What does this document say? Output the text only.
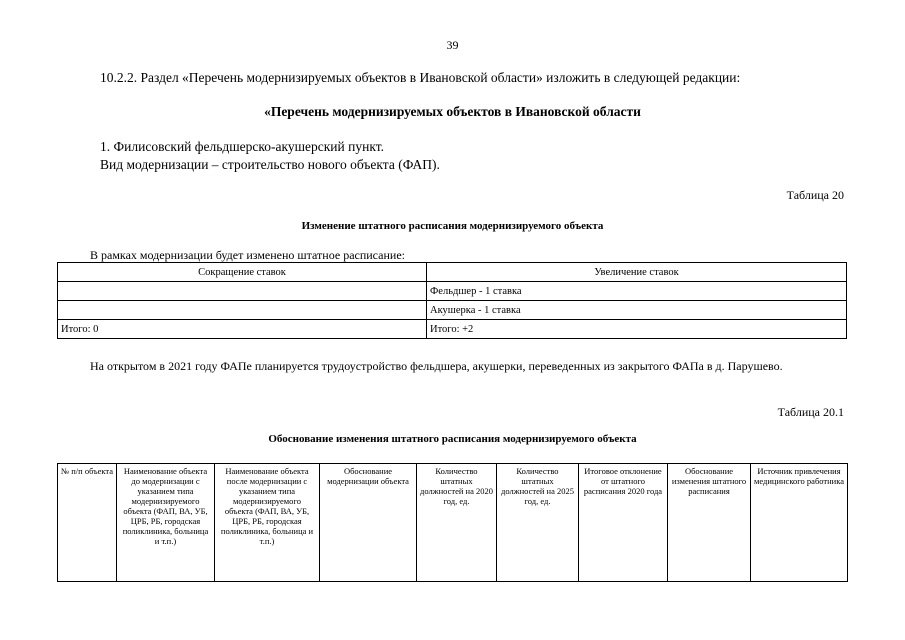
39
10.2.2. Раздел «Перечень модернизируемых объектов в Ивановской области» изложить в следующей редакции:
«Перечень модернизируемых объектов в Ивановской области
1. Филисовский фельдшерско-акушерский пункт.
Вид модернизации – строительство нового объекта (ФАП).
Таблица 20
Изменение штатного расписания модернизируемого объекта
В рамках модернизации будет изменено штатное расписание:
Сокращение ставок	Увеличение ставок
	Фельдшер - 1 ставка
	Акушерка - 1 ставка
Итого: 0	Итого: +2
На открытом в 2021 году ФАПе планируется трудоустройство фельдшера, акушерки, переведенных из закрытого ФАПа в д. Парушево.
Таблица 20.1
Обоснование изменения штатного расписания модернизируемого объекта
№ п/п объекта	Наименование объекта до модернизации с указанием типа модернизируемого объекта (ФАП, ВА, УБ, ЦРБ, РБ, городская поликлиника, больница и т.п.)	Наименование объекта после модернизации с указанием типа модернизируемого объекта (ФАП, ВА, УБ, ЦРБ, РБ, городская поликлиника, больница и т.п.)	Обоснование модернизации объекта	Количество штатных должностей на 2020 год, ед.	Количество штатных должностей на 2025 год, ед.	Итоговое отклонение от штатного расписания 2020 года	Обоснование изменения штатного расписания	Источник привлечения медицинского работника
